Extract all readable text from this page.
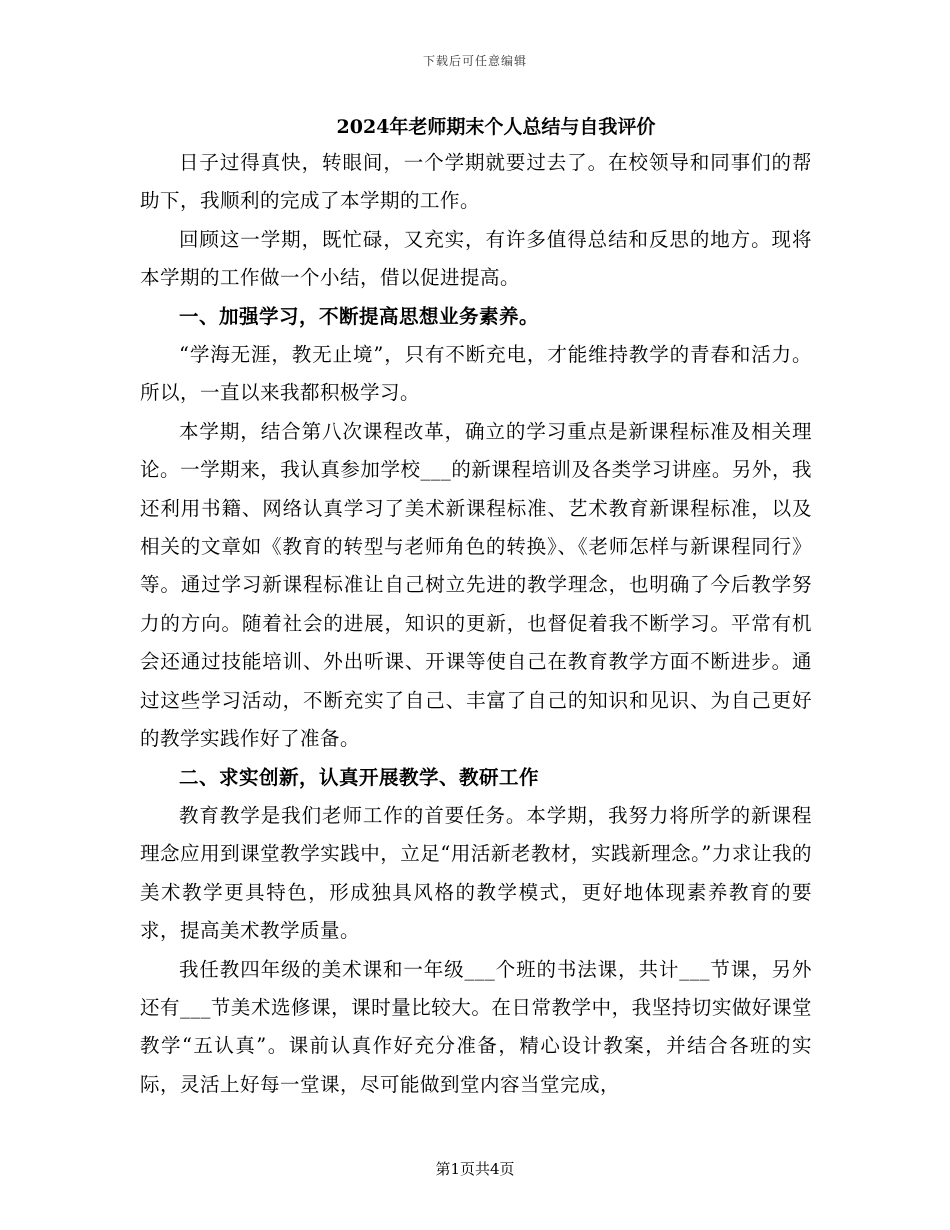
下载后可任意编辑
2024年老师期末个人总结与自我评价

日子过得真快，转眼间，一个学期就要过去了。在校领导和同事们的帮助下，我顺利的完成了本学期的工作。

回顾这一学期，既忙碌，又充实，有许多值得总结和反思的地方。现将本学期的工作做一个小结，借以促进提高。

一、加强学习，不断提高思想业务素养。

“学海无涯，教无止境”，只有不断充电，才能维持教学的青春和活力。所以，一直以来我都积极学习。

本学期，结合第八次课程改革，确立的学习重点是新课程标准及相关理论。一学期来，我认真参加学校___的新课程培训及各类学习讲座。另外，我还利用书籍、网络认真学习了美术新课程标准、艺术教育新课程标准，以及相关的文章如《教育的转型与老师角色的转换》、《老师怎样与新课程同行》等。通过学习新课程标准让自己树立先进的教学理念，也明确了今后教学努力的方向。随着社会的进展，知识的更新，也督促着我不断学习。平常有机会还通过技能培训、外出听课、开课等使自己在教育教学方面不断进步。通过这些学习活动，不断充实了自己、丰富了自己的知识和见识、为自己更好的教学实践作好了准备。

二、求实创新，认真开展教学、教研工作

教育教学是我们老师工作的首要任务。本学期，我努力将所学的新课程理念应用到课堂教学实践中，立足“用活新老教材，实践新理念。”力求让我的美术教学更具特色，形成独具风格的教学模式，更好地体现素养教育的要求，提高美术教学质量。

我任教四年级的美术课和一年级___个班的书法课，共计___节课，另外还有___节美术选修课，课时量比较大。在日常教学中，我坚持切实做好课堂教学“五认真”。课前认真作好充分准备，精心设计教案，并结合各班的实际，灵活上好每一堂课，尽可能做到堂内容当堂完成，

第1页共4页
